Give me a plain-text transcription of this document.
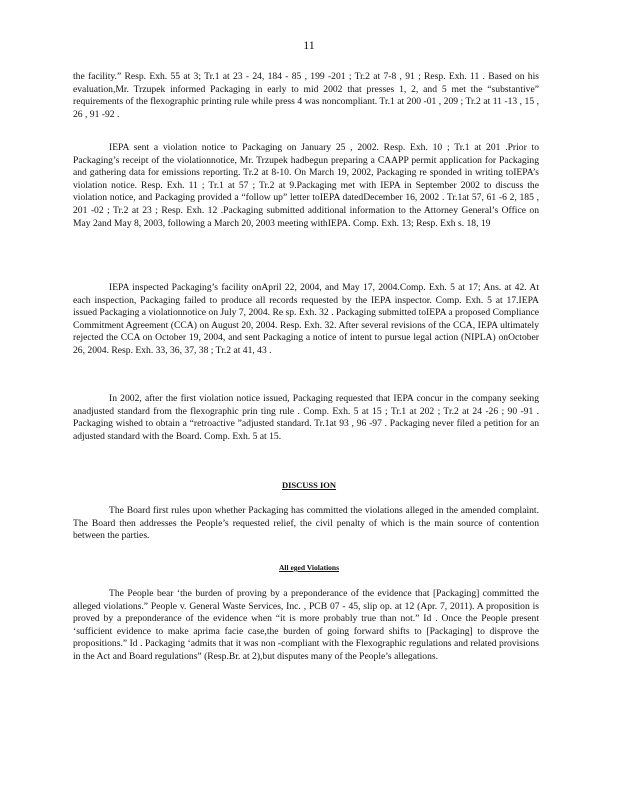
11

the facility.” Resp. Exh. 55 at 3; Tr.1 at 23 - 24, 184 - 85 , 199 -201 ; Tr.2 at 7-8 , 91 ; Resp. Exh. 11 . Based on his evaluation,Mr. Trzupek informed Packaging in early to mid 2002 that presses 1, 2, and 5 met the “substantive” requirements of the flexographic printing rule while press 4 was noncompliant. Tr.1 at 200 -01 , 209 ; Tr.2 at 11 -13 , 15 , 26 , 91 -92 .

IEPA sent a violation notice to Packaging on January 25 , 2002. Resp. Exh. 10 ; Tr.1 at 201 .Prior to Packaging’s receipt of the violationnotice, Mr. Trzupek hadbegun preparing a CAAPP permit application for Packaging and gathering data for emissions reporting. Tr.2 at 8-10. On March 19, 2002, Packaging re sponded in writing toIEPA’s violation notice. Resp. Exh. 11 ; Tr.1 at 57 ; Tr.2 at 9.Packaging met with IEPA in September 2002 to discuss the violation notice, and Packaging provided a “follow up” letter toIEPA datedDecember 16, 2002 . Tr.1at 57, 61 -6 2, 185 , 201 -02 ; Tr.2 at 23 ; Resp. Exh. 12 .Packaging submitted additional information to the Attorney General’s Office on May 2and May 8, 2003, following a March 20, 2003 meeting withIEPA. Comp. Exh. 13; Resp. Exh s. 18, 19

IEPA inspected Packaging’s facility onApril 22, 2004, and May 17, 2004.Comp. Exh. 5 at 17; Ans. at 42. At each inspection, Packaging failed to produce all records requested by the IEPA inspector. Comp. Exh. 5 at 17.IEPA issued Packaging a violationnotice on July 7, 2004. Re sp. Exh. 32 . Packaging submitted toIEPA a proposed Compliance Commitment Agreement (CCA) on August 20, 2004. Resp. Exh. 32. After several revisions of the CCA, IEPA ultimately rejected the CCA on October 19, 2004, and sent Packaging a notice of intent to pursue legal action (NIPLA) onOctober 26, 2004. Resp. Exh. 33, 36, 37, 38 ; Tr.2 at 41, 43 .

In 2002, after the first violation notice issued, Packaging requested that IEPA concur in the company seeking anadjusted standard from the flexographic prin ting rule . Comp. Exh. 5 at 15 ; Tr.1 at 202 ; Tr.2 at 24 -26 ; 90 -91 . Packaging wished to obtain a “retroactive ”adjusted standard. Tr.1at 93 , 96 -97 . Packaging never filed a petition for an adjusted standard with the Board. Comp. Exh. 5 at 15.

DISCUSS ION

The Board first rules upon whether Packaging has committed the violations alleged in the amended complaint. The Board then addresses the People’s requested relief, the civil penalty of which is the main source of contention between the parties.

All eged Violations

The People bear ‘the burden of proving by a preponderance of the evidence that [Packaging] committed the alleged violations.” People v. General Waste Services, Inc. , PCB 07 - 45, slip op. at 12 (Apr. 7, 2011). A proposition is proved by a preponderance of the evidence when “it is more probably true than not.” Id . Once the People present ‘sufficient evidence to make aprima facie case,the burden of going forward shifts to [Packaging] to disprove the propositions.” Id . Packaging ‘admits that it was non -compliant with the Flexographic regulations and related provisions in the Act and Board regulations” (Resp.Br. at 2),but disputes many of the People’s allegations.
